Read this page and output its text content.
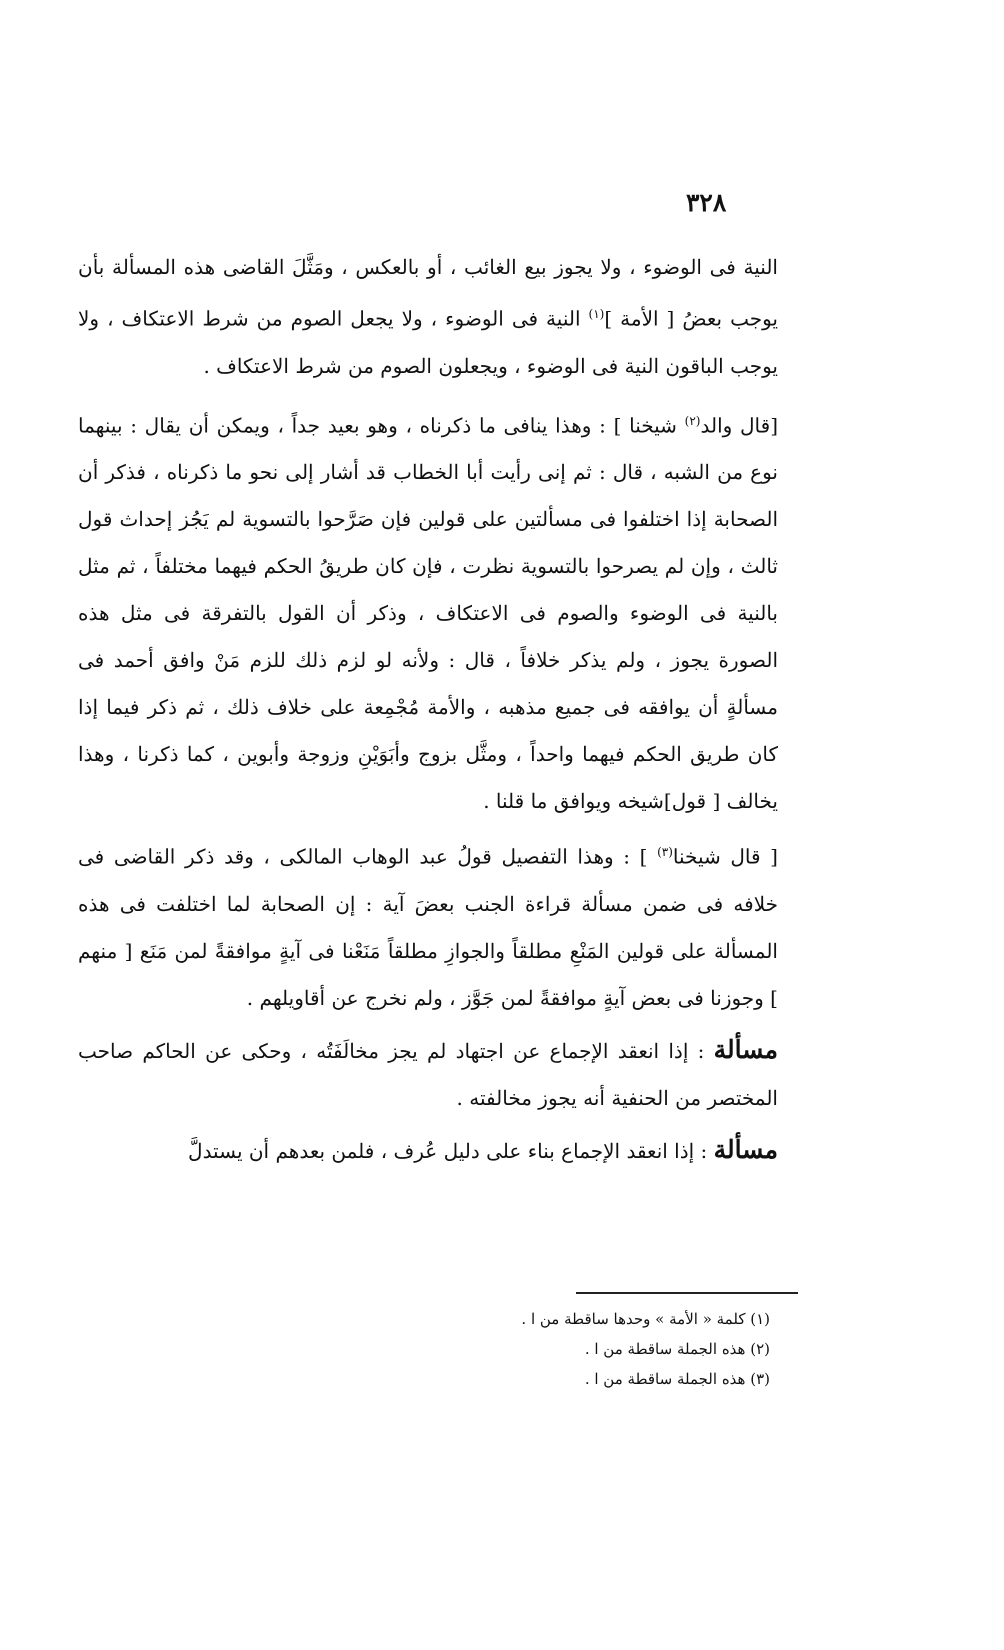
٣٢٨

النية فى الوضوء ، ولا يجوز بيع الغائب ، أو بالعكس ، ومَثَّلَ القاضى هذه المسألة بأن يوجب بعضُ [ الأمة ]$^{(١)}$ النية فى الوضوء ، ولا يجعل الصوم من شرط الاعتكاف ، ولا يوجب الباقون النية فى الوضوء ، ويجعلون الصوم من شرط الاعتكاف .

[قال والد$^{(٢)}$ شيخنا ] : وهذا ينافى ما ذكرناه ، وهو بعيد جداً ، ويمكن أن يقال : بينهما نوع من الشبه ، قال : ثم إنى رأيت أبا الخطاب قد أشار إلى نحو ما ذكرناه ، فذكر أن الصحابة إذا اختلفوا فى مسألتين على قولين فإن صَرَّحوا بالتسوية لم يَجُز إحداث قول ثالث ، وإن لم يصرحوا بالتسوية نظرت ، فإن كان طريقُ الحكم فيهما مختلفاً ، ثم مثل بالنية فى الوضوء والصوم فى الاعتكاف ، وذكر أن القول بالتفرقة فى مثل هذه الصورة يجوز ، ولم يذكر خلافاً ، قال : ولأنه لو لزم ذلك للزم مَنْ وافق أحمد فى مسألةٍ أن يوافقه فى جميع مذهبه ، والأمة مُجْمِعة على خلاف ذلك ، ثم ذكر فيما إذا كان طريق الحكم فيهما واحداً ، ومثَّل بزوج وأبَوَيْنِ وزوجة وأبوين ، كما ذكرنا ، وهذا يخالف [ قول]شيخه ويوافق ما قلنا .

[ قال شيخنا$^{(٣)}$ ] : وهذا التفصيل قولُ عبد الوهاب المالكى ، وقد ذكر القاضى فى خلافه فى ضمن مسألة قراءة الجنب بعضَ آية : إن الصحابة لما اختلفت فى هذه المسألة على قولين المَنْعِ مطلقاً والجوازِ مطلقاً مَنَعْنا فى آيةٍ موافقةً لمن مَنَع [ منهم ] وجوزنا فى بعض آيةٍ موافقةً لمن جَوَّز ، ولم نخرج عن أقاويلهم .

مسألة : إذا انعقد الإجماع عن اجتهاد لم يجز مخالَفَتُه ، وحكى عن الحاكم صاحب المختصر من الحنفية أنه يجوز مخالفته .

مسألة : إذا انعقد الإجماع بناء على دليل عُرف ، فلمن بعدهم أن يستدلَّ

(١) كلمة « الأمة » وحدها ساقطة من ا .

(٢) هذه الجملة ساقطة من ا .

(٣) هذه الجملة ساقطة من ا .
